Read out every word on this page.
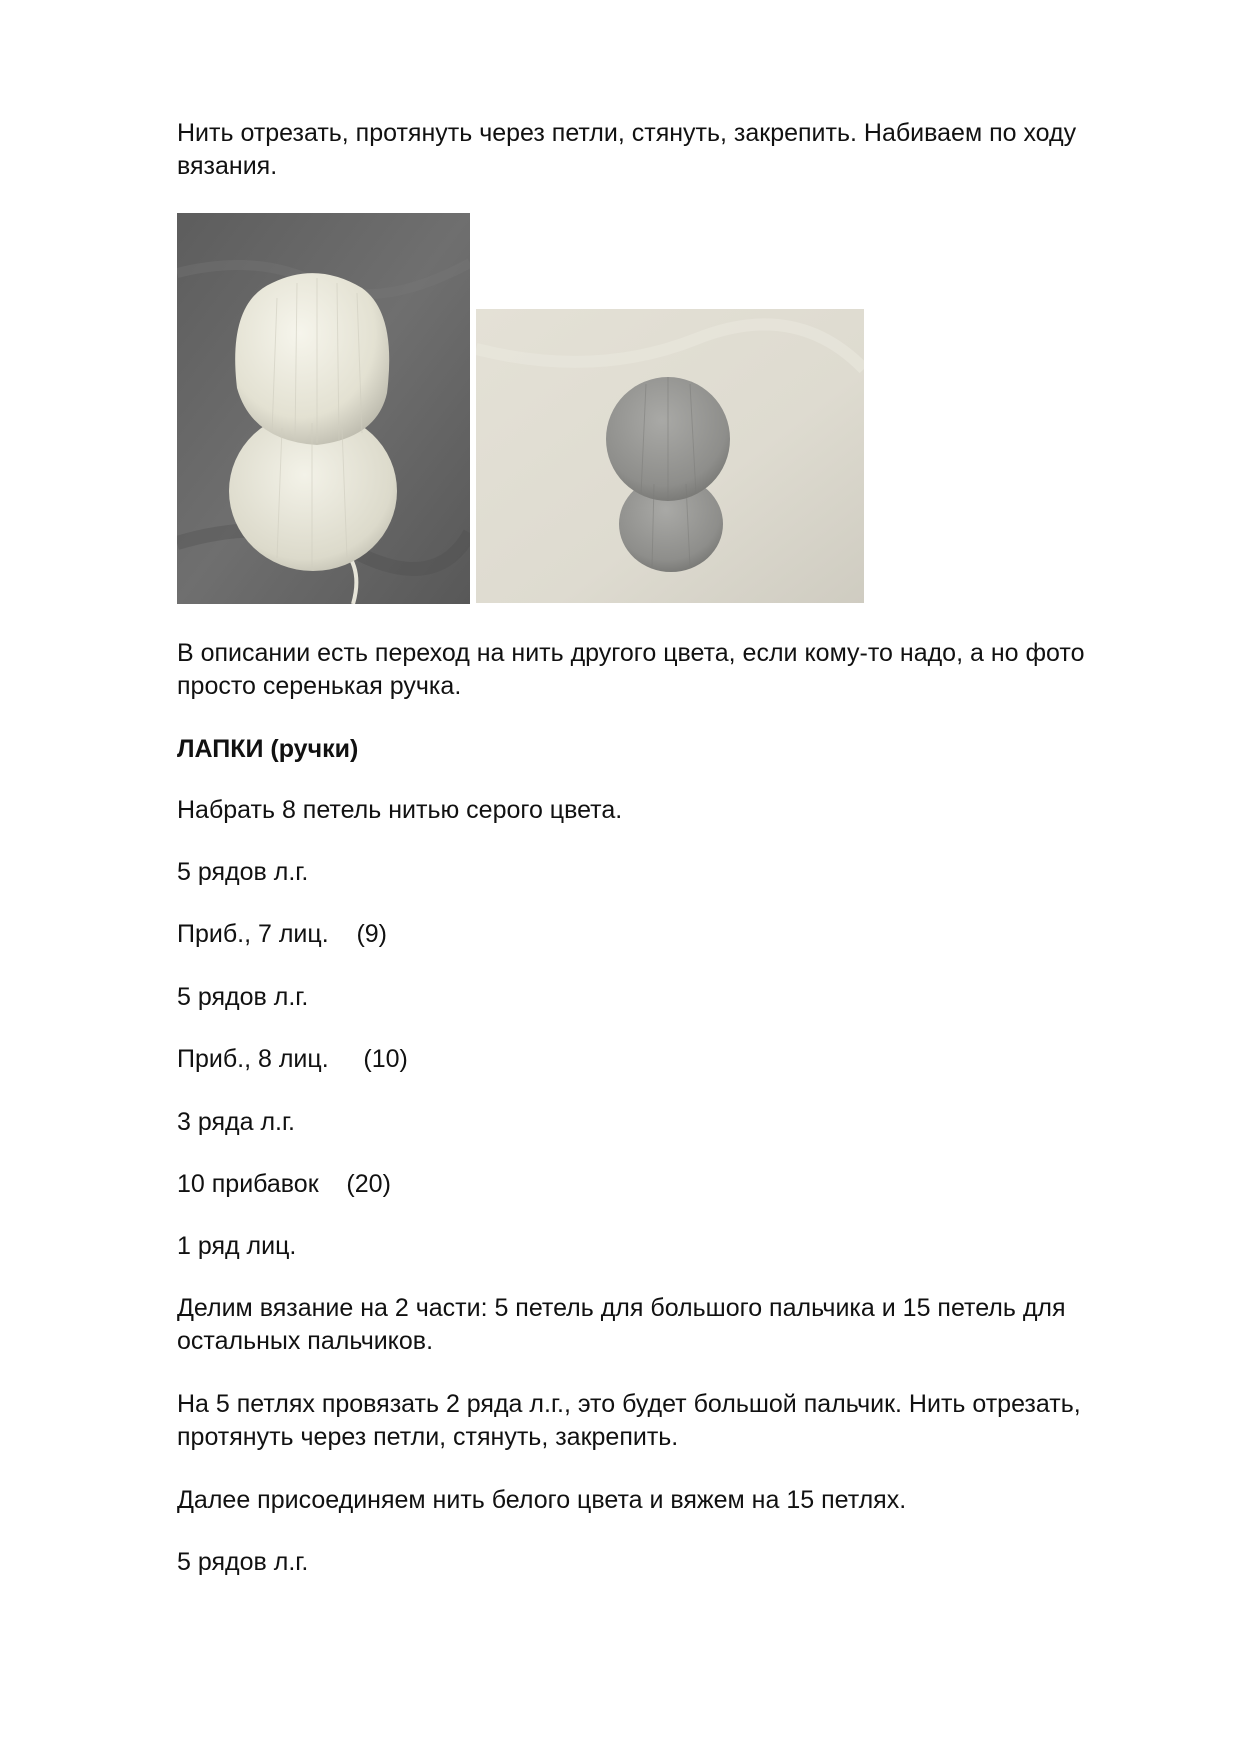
Нить отрезать, протянуть через петли, стянуть, закрепить. Набиваем по ходу вязания.

В описании есть переход на нить другого цвета, если кому-то надо, а но фото просто серенькая ручка.

ЛАПКИ (ручки)

Набрать 8 петель нитью серого цвета.

5 рядов л.г.

Приб., 7 лиц.    (9)

5 рядов л.г.

Приб., 8 лиц.     (10)

3 ряда л.г.

10 прибавок    (20)

1 ряд лиц.

Делим вязание на 2 части: 5 петель для большого пальчика и 15 петель для остальных пальчиков.

На 5 петлях провязать 2 ряда л.г., это будет большой пальчик. Нить отрезать, протянуть через петли, стянуть, закрепить.

Далее присоединяем нить белого цвета и вяжем на 15 петлях.

5 рядов л.г.
